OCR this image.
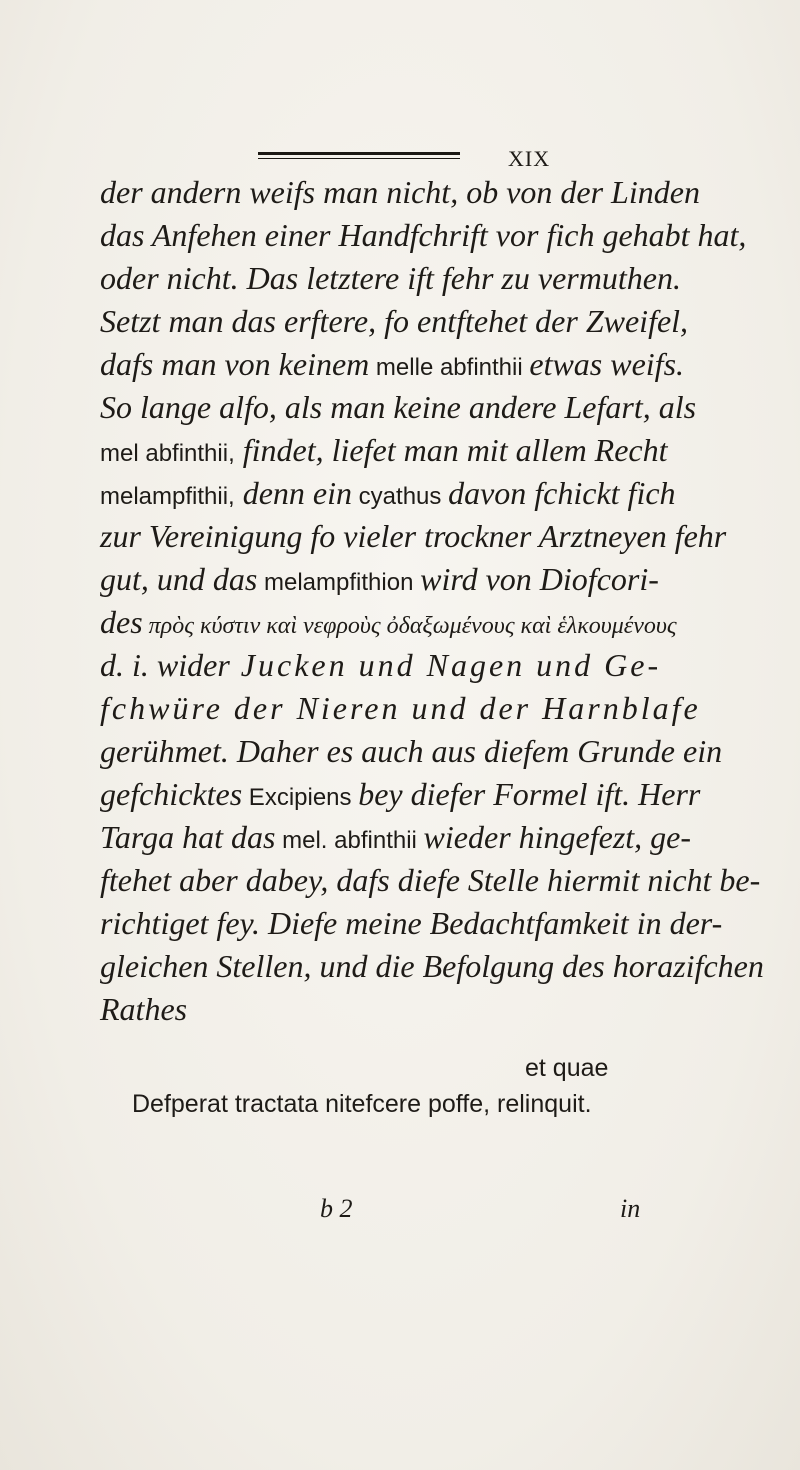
XIX
der andern weifs man nicht, ob von der Linden
das Anfehen einer Handfchrift vor fich gehabt hat,
oder nicht. Das letztere ift fehr zu vermuthen.
Setzt man das erftere, fo entftehet der Zweifel,
dafs man von keinem melle abfinthii etwas weifs.
So lange alfo, als man keine andere Lefart, als
mel abfinthii, findet, liefet man mit allem Recht
melampfithii, denn ein cyathus davon fchickt fich
zur Vereinigung fo vieler trockner Arztneyen fehr
gut, und das melampfithion wird von Diofcori-
des πρὸς κύστιν καὶ νεφροὺς ὀδαξωμένους καὶ ἑλκουμένους
d. i. wider Jucken und Nagen und Ge-
fchwüre der Nieren und der Harnblafe
gerühmet. Daher es auch aus diefem Grunde ein
gefchicktes Excipiens bey diefer Formel ift. Herr
Targa hat das mel. abfinthii wieder hingefezt, ge-
ftehet aber dabey, dafs diefe Stelle hiermit nicht be-
richtiget fey. Diefe meine Bedachtfamkeit in der-
gleichen Stellen, und die Befolgung des horazifchen
Rathes
et quae
Defperat tractata nitefcere poffe, relinquit.
b 2	in
